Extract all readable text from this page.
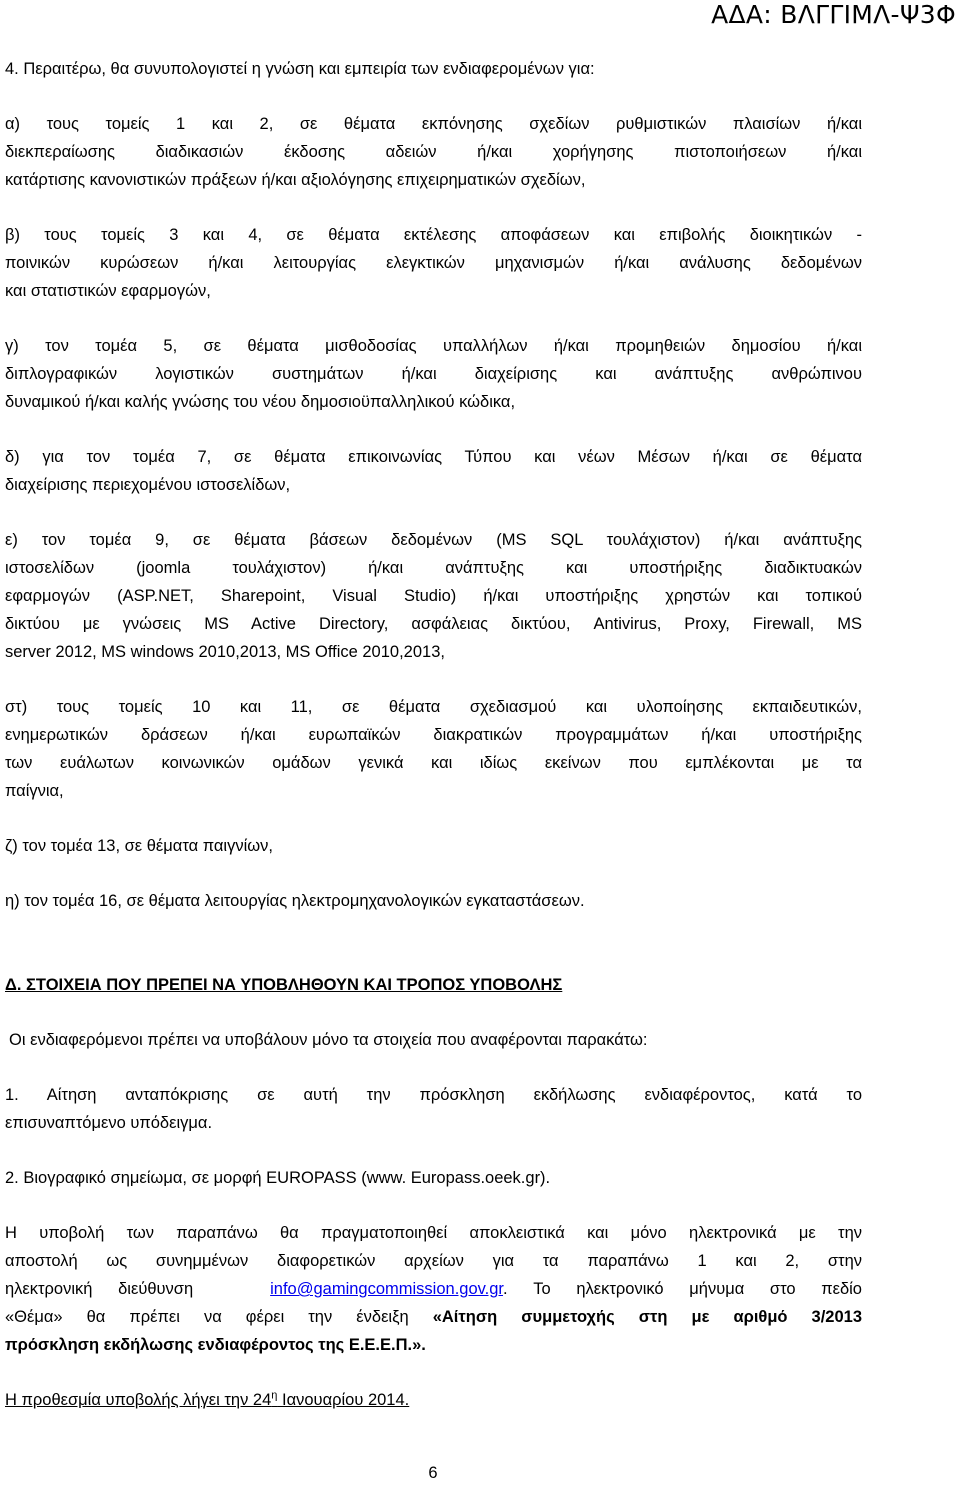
ΑΔΑ: ΒΛΓΓΙΜΛ-Ψ3Φ
4. Περαιτέρω, θα συνυπολογιστεί η γνώση και εμπειρία των ενδιαφερομένων για:
α) τους τομείς 1 και 2, σε θέματα εκπόνησης σχεδίων ρυθμιστικών πλαισίων ή/και
διεκπεραίωσης διαδικασιών έκδοσης αδειών ή/και χορήγησης πιστοποιήσεων ή/και
κατάρτισης κανονιστικών πράξεων ή/και αξιολόγησης επιχειρηματικών σχεδίων,
β) τους τομείς 3 και 4, σε θέματα εκτέλεσης αποφάσεων και επιβολής διοικητικών -
ποινικών κυρώσεων ή/και λειτουργίας ελεγκτικών μηχανισμών ή/και ανάλυσης δεδομένων
και στατιστικών εφαρμογών,
γ) τον τομέα 5, σε θέματα μισθοδοσίας υπαλλήλων ή/και προμηθειών δημοσίου ή/και
διπλογραφικών λογιστικών συστημάτων ή/και διαχείρισης και ανάπτυξης ανθρώπινου
δυναμικού ή/και καλής γνώσης του νέου δημοσιοϋπαλληλικού κώδικα,
δ) για τον τομέα 7, σε θέματα επικοινωνίας Τύπου και νέων Μέσων ή/και σε θέματα
διαχείρισης περιεχομένου ιστοσελίδων,
ε) τον τομέα 9, σε θέματα βάσεων δεδομένων (MS SQL τουλάχιστον) ή/και ανάπτυξης
ιστοσελίδων (joomla τουλάχιστον) ή/και ανάπτυξης και υποστήριξης διαδικτυακών
εφαρμογών (ASP.NET, Sharepoint, Visual Studio) ή/και υποστήριξης χρηστών και τοπικού
δικτύου με γνώσεις MS Active Directory, ασφάλειας δικτύου, Antivirus, Proxy, Firewall, MS
server 2012, MS windows 2010,2013, MS Office 2010,2013,
στ) τους τομείς 10 και 11, σε θέματα σχεδιασμού και υλοποίησης εκπαιδευτικών,
ενημερωτικών δράσεων ή/και ευρωπαϊκών διακρατικών προγραμμάτων ή/και υποστήριξης
των ευάλωτων κοινωνικών ομάδων γενικά και ιδίως εκείνων που εμπλέκονται με τα
παίγνια,
ζ) τον τομέα 13, σε θέματα παιγνίων,
η) τον τομέα 16, σε θέματα λειτουργίας ηλεκτρομηχανολογικών εγκαταστάσεων.
Δ. ΣΤΟΙΧΕΙΑ ΠΟΥ ΠΡΕΠΕΙ ΝΑ ΥΠΟΒΛΗΘΟΥΝ ΚΑΙ ΤΡΟΠΟΣ ΥΠΟΒΟΛΗΣ
Οι ενδιαφερόμενοι πρέπει να υποβάλουν μόνο τα στοιχεία που αναφέρονται παρακάτω:
1. Αίτηση ανταπόκρισης σε αυτή την πρόσκληση εκδήλωσης ενδιαφέροντος, κατά το
επισυναπτόμενο υπόδειγμα.
2. Βιογραφικό σημείωμα, σε μορφή EUROPASS (www. Europass.oeek.gr).
Η υποβολή των παραπάνω θα πραγματοποιηθεί αποκλειστικά και μόνο ηλεκτρονικά με την
αποστολή ως συνημμένων διαφορετικών αρχείων για τα παραπάνω 1 και 2, στην
ηλεκτρονική διεύθυνση	info@gamingcommission.gov.gr. Το ηλεκτρονικό μήνυμα στο πεδίο
«Θέμα» θα πρέπει να φέρει την ένδειξη «Αίτηση συμμετοχής στη με αριθμό 3/2013
πρόσκληση εκδήλωσης ενδιαφέροντος της Ε.Ε.Ε.Π.».
Η προθεσμία υποβολής λήγει την $24^\eta$ Ιανουαρίου 2014.
6
